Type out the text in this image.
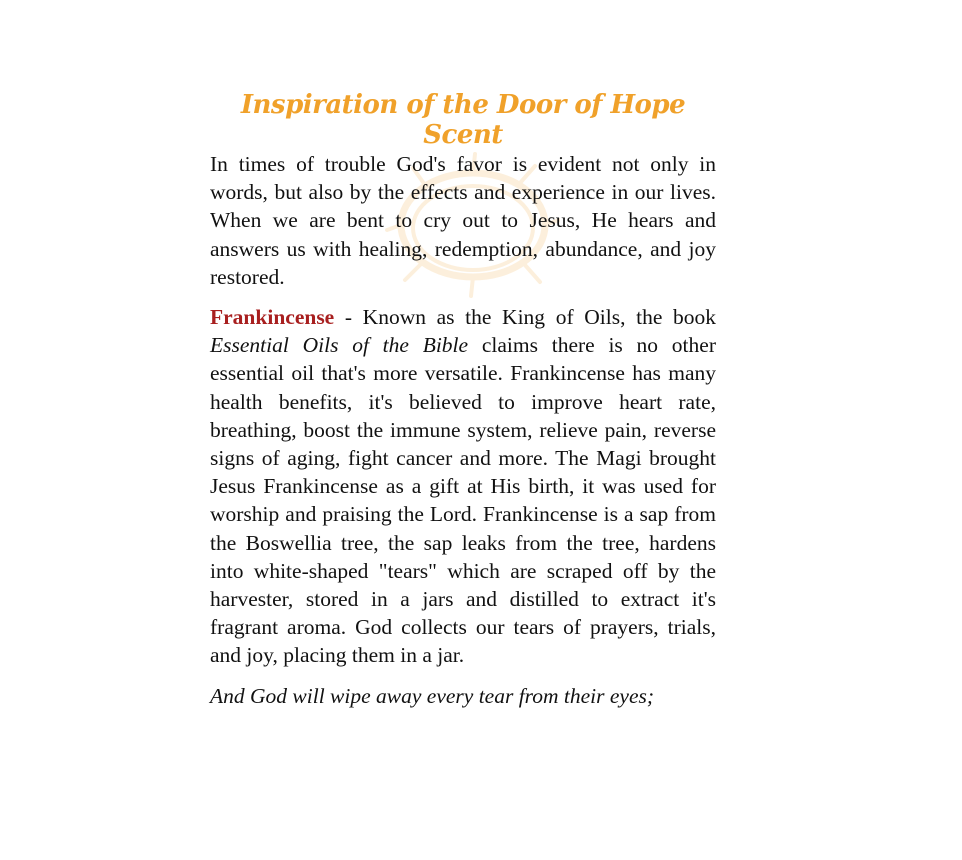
Inspiration of the Door of Hope Scent

In times of trouble God's favor is evident not only in words, but also by the effects and experience in our lives. When we are bent to cry out to Jesus, He hears and answers us with healing, redemption, abundance, and joy restored.

Frankincense - Known as the King of Oils, the book Essential Oils of the Bible claims there is no other essential oil that's more versatile. Frankincense has many health benefits, it's believed to improve heart rate, breathing, boost the immune system, relieve pain, reverse signs of aging, fight cancer and more. The Magi brought Jesus Frankincense as a gift at His birth, it was used for worship and praising the Lord. Frankincense is a sap from the Boswellia tree, the sap leaks from the tree, hardens into white-shaped "tears" which are scraped off by the harvester, stored in a jars and distilled to extract it's fragrant aroma. God collects our tears of prayers, trials, and joy, placing them in a jar.

And God will wipe away every tear from their eyes;
